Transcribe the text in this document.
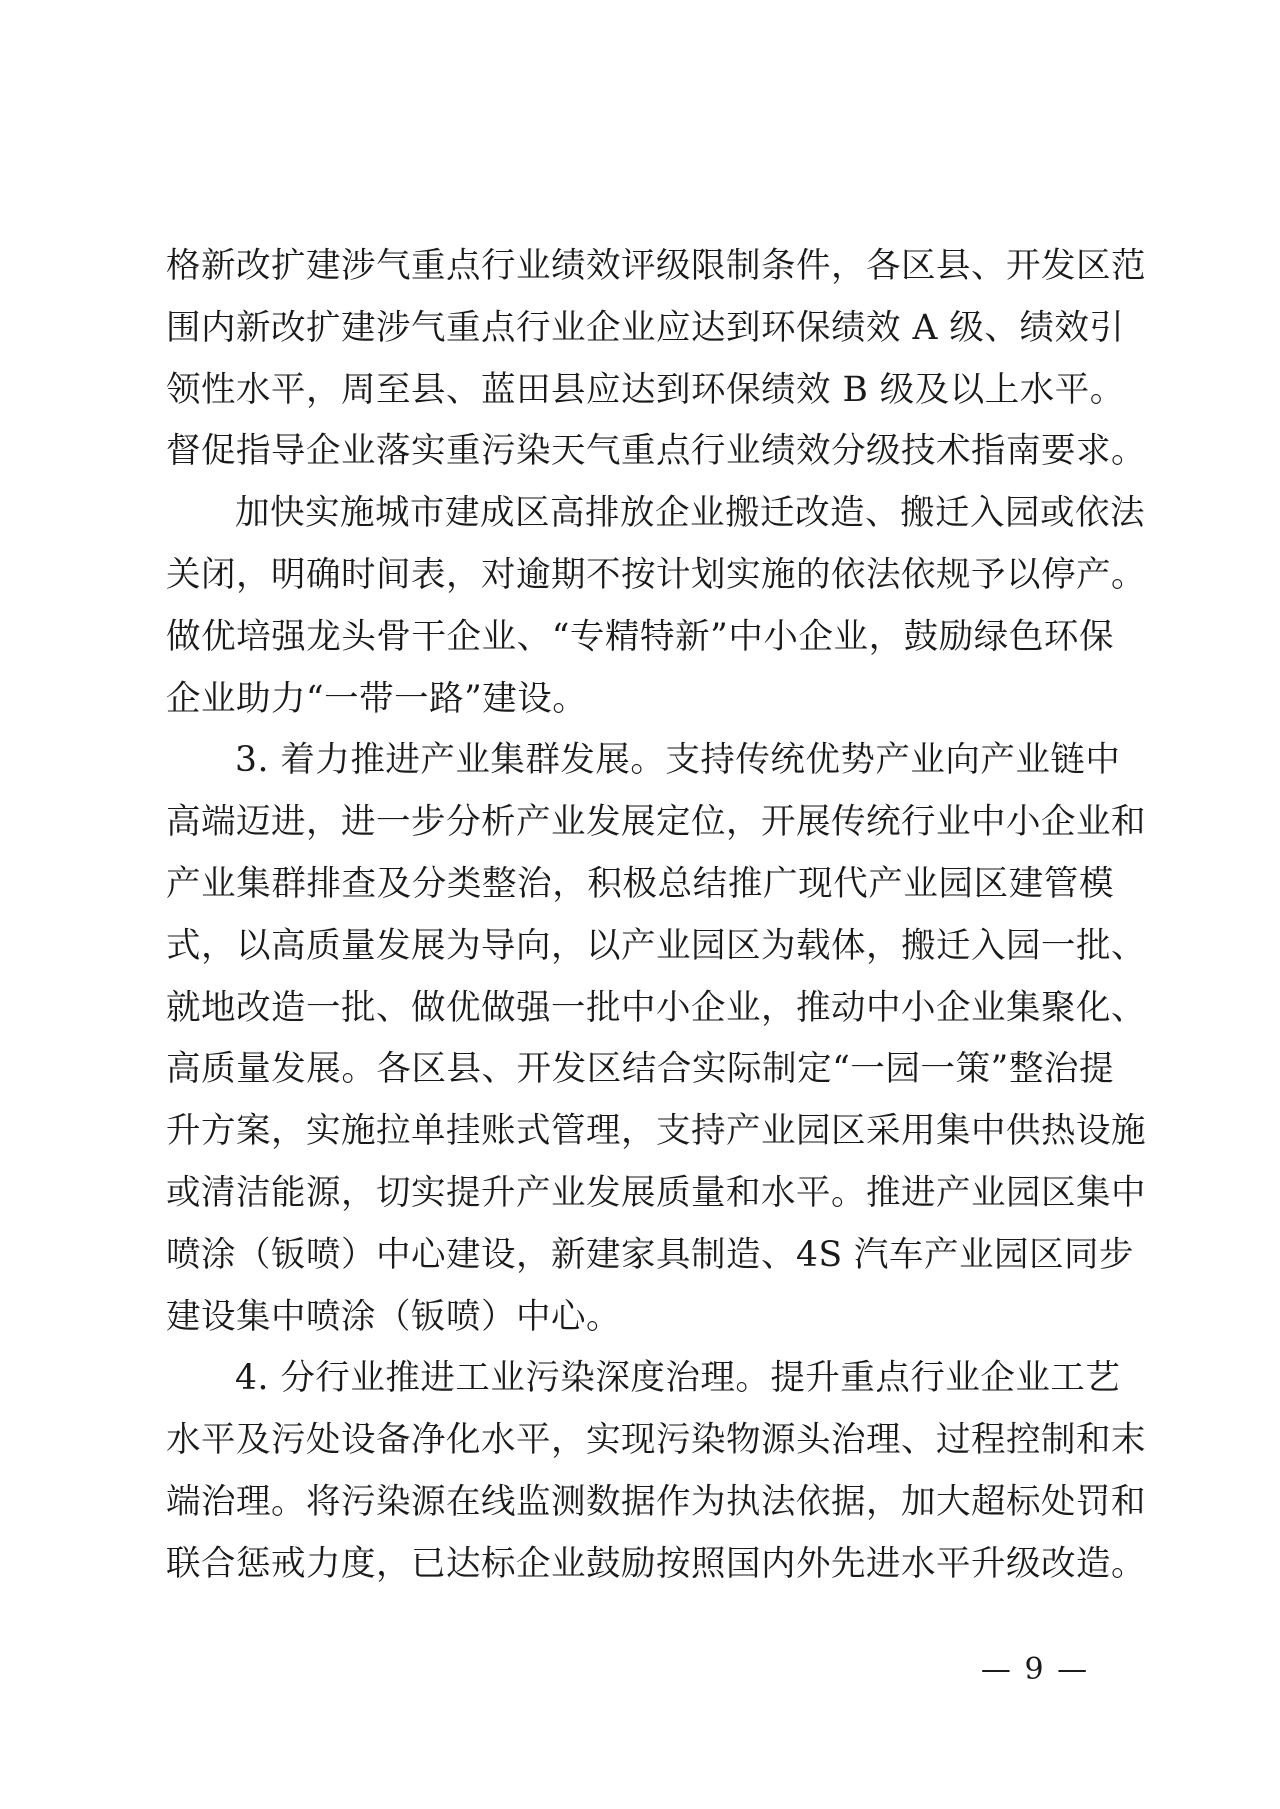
格新改扩建涉气重点行业绩效评级限制条件，各区县、开发区范
围内新改扩建涉气重点行业企业应达到环保绩效 A 级、绩效引
领性水平，周至县、蓝田县应达到环保绩效 B 级及以上水平。
督促指导企业落实重污染天气重点行业绩效分级技术指南要求。
加快实施城市建成区高排放企业搬迁改造、搬迁入园或依法
关闭，明确时间表，对逾期不按计划实施的依法依规予以停产。
做优培强龙头骨干企业、“专精特新”中小企业，鼓励绿色环保
企业助力“一带一路”建设。
3. 着力推进产业集群发展。支持传统优势产业向产业链中
高端迈进，进一步分析产业发展定位，开展传统行业中小企业和
产业集群排查及分类整治，积极总结推广现代产业园区建管模
式，以高质量发展为导向，以产业园区为载体，搬迁入园一批、
就地改造一批、做优做强一批中小企业，推动中小企业集聚化、
高质量发展。各区县、开发区结合实际制定“一园一策”整治提
升方案，实施拉单挂账式管理，支持产业园区采用集中供热设施
或清洁能源，切实提升产业发展质量和水平。推进产业园区集中
喷涂（钣喷）中心建设，新建家具制造、4S 汽车产业园区同步
建设集中喷涂（钣喷）中心。
4. 分行业推进工业污染深度治理。提升重点行业企业工艺
水平及污处设备净化水平，实现污染物源头治理、过程控制和末
端治理。将污染源在线监测数据作为执法依据，加大超标处罚和
联合惩戒力度，已达标企业鼓励按照国内外先进水平升级改造。
— 9 —
